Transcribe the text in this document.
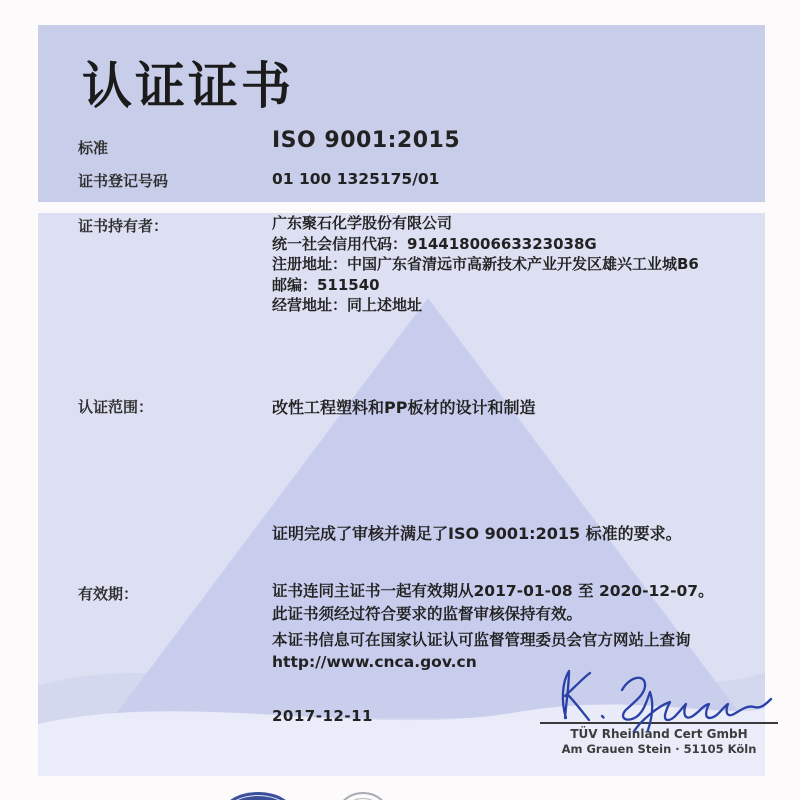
认证证书
标准	ISO 9001:2015
证书登记号码	01 100 1325175/01
证书持有者：	广东聚石化学股份有限公司
统一社会信用代码：91441800663323038G
注册地址：中国广东省清远市高新技术产业开发区雄兴工业城B6
邮编：511540
经营地址：同上述地址
认证范围：	改性工程塑料和PP板材的设计和制造
证明完成了审核并满足了ISO 9001:2015 标准的要求。
有效期：	证书连同主证书一起有效期从2017-01-08 至 2020-12-07。
此证书须经过符合要求的监督审核保持有效。
本证书信息可在国家认证认可监督管理委员会官方网站上查询
http://www.cnca.gov.cn
2017-12-11
TÜV Rheinland Cert GmbH
Am Grauen Stein · 51105 Köln
